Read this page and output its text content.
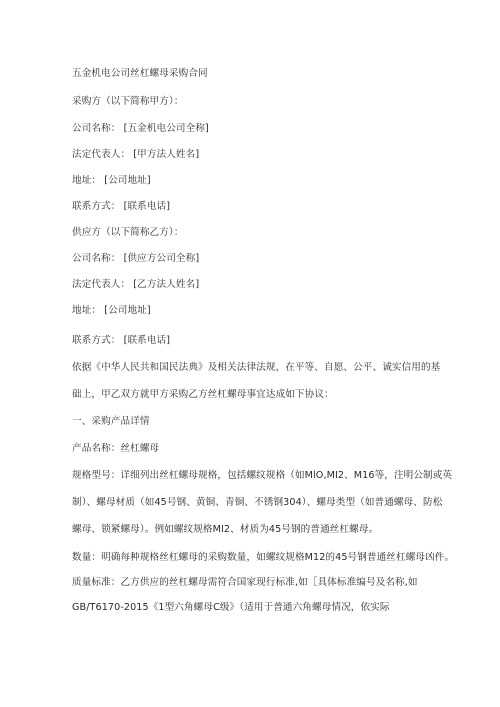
五金机电公司丝杠螺母采购合同
采购方（以下简称甲方）：
公司名称： [五金机电公司全称]
法定代表人： [甲方法人姓名]
地址： [公司地址]
联系方式： [联系电话]
供应方（以下简称乙方）：
公司名称： [供应方公司全称]
法定代表人： [乙方法人姓名]
地址： [公司地址]
联系方式： [联系电话]
依据《中华人民共和国民法典》及相关法律法规，在平等、自愿、公平、诚实信用的基
础上，甲乙双方就甲方采购乙方丝杠螺母事宜达成如下协议：
一、采购产品详情
产品名称：丝杠螺母
规格型号：详细列出丝杠螺母规格，包括螺纹规格（如MlO,MI2、M16等，注明公制或英
制）、螺母材质（如45号钢、黄铜、青铜、不锈钢304）、螺母类型（如普通螺母、防松
螺母、锁紧螺母）。例如螺纹规格MI2、材质为45号钢的普通丝杠螺母。
数量：明确每种规格丝杠螺母的采购数量，如螺纹规格M12的45号钢普通丝杠螺母凶件。
质量标准：乙方供应的丝杠螺母需符合国家现行标准,如［具体标准编号及名称,如
GB/T6170-2015《1型六角螺母C级》（适用于普通六角螺母情况，依实际
